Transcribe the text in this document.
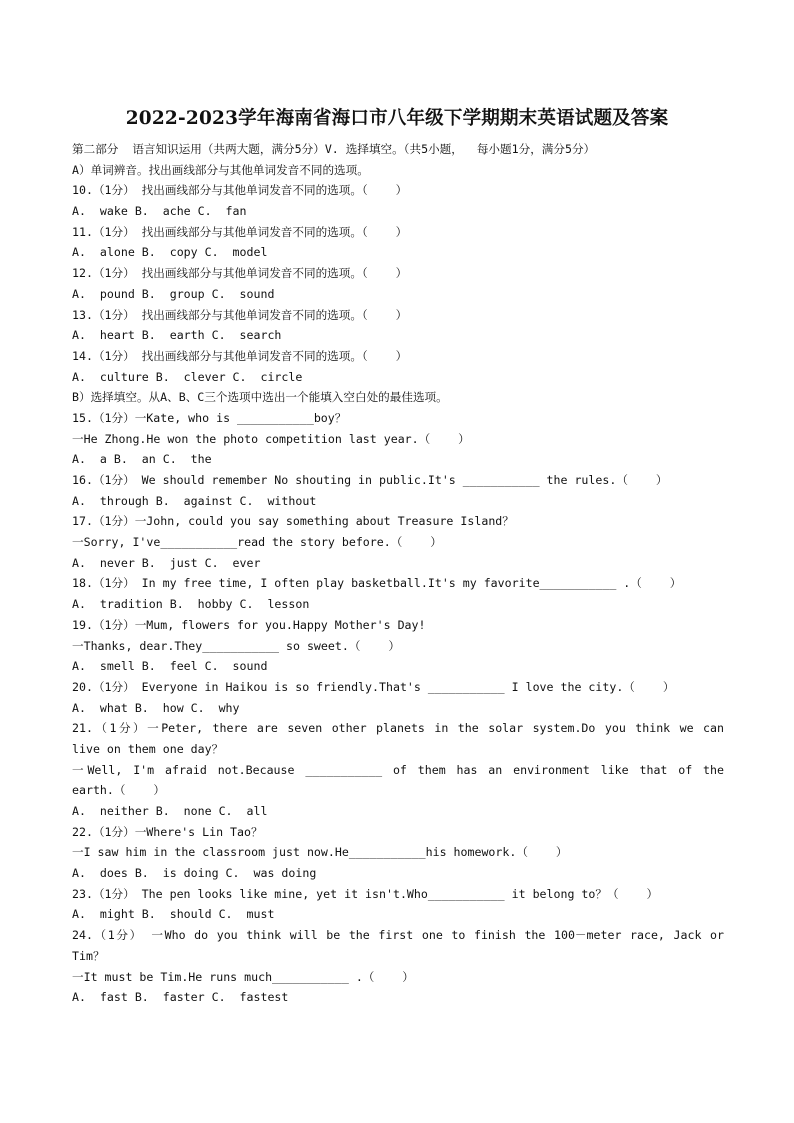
2022-2023学年海南省海口市八年级下学期期末英语试题及答案
第二部分  语言知识运用（共两大题，满分5分）V. 选择填空。（共5小题，  每小题1分，满分5分）
A）单词辨音。找出画线部分与其他单词发音不同的选项。
10.（1分） 找出画线部分与其他单词发音不同的选项。（    ）
A.  wake B.  ache C.  fan
11.（1分） 找出画线部分与其他单词发音不同的选项。（    ）
A.  alone B.  copy C.  model
12.（1分） 找出画线部分与其他单词发音不同的选项。（    ）
A.  pound B.  group C.  sound
13.（1分） 找出画线部分与其他单词发音不同的选项。（    ）
A.  heart B.  earth C.  search
14.（1分） 找出画线部分与其他单词发音不同的选项。（    ）
A.  culture B.  clever C.  circle
B）选择填空。从A、B、C三个选项中选出一个能填入空白处的最佳选项。
15.（1分）一Kate, who is ___________boy？
一He Zhong.He won the photo competition last year.（    ）
A.  a B.  an C.  the
16.（1分） We should remember No shouting in public.It's ___________ the rules.（    ）
A.  through B.  against C.  without
17.（1分）一John, could you say something about Treasure Island？
一Sorry, I've___________read the story before.（    ）
A.  never B.  just C.  ever
18.（1分） In my free time, I often play basketball.It's my favorite___________ .（    ）
A.  tradition B.  hobby C.  lesson
19.（1分）一Mum, flowers for you.Happy Mother's Day!
一Thanks, dear.They___________ so sweet.（    ）
A.  smell B.  feel C.  sound
20.（1分） Everyone in Haikou is so friendly.That's ___________ I love the city.（    ）
A.  what B.  how C.  why
21.（1分）一Peter, there are seven other planets in the solar system.Do you think we can
live on them one day？
一Well, I'm afraid not.Because ___________ of them has an environment like that of the
earth.（    ）
A.  neither B.  none C.  all
22.（1分）一Where's Lin Tao？
一I saw him in the classroom just now.He___________his homework.（    ）
A.  does B.  is doing C.  was doing
23.（1分） The pen looks like mine, yet it isn't.Who___________ it belong to？（    ）
A.  might B.  should C.  must
24.（1分） 一Who do you think will be the first one to finish the 100－meter race, Jack or
Tim？
一It must be Tim.He runs much___________ .（    ）
A.  fast B.  faster C.  fastest
